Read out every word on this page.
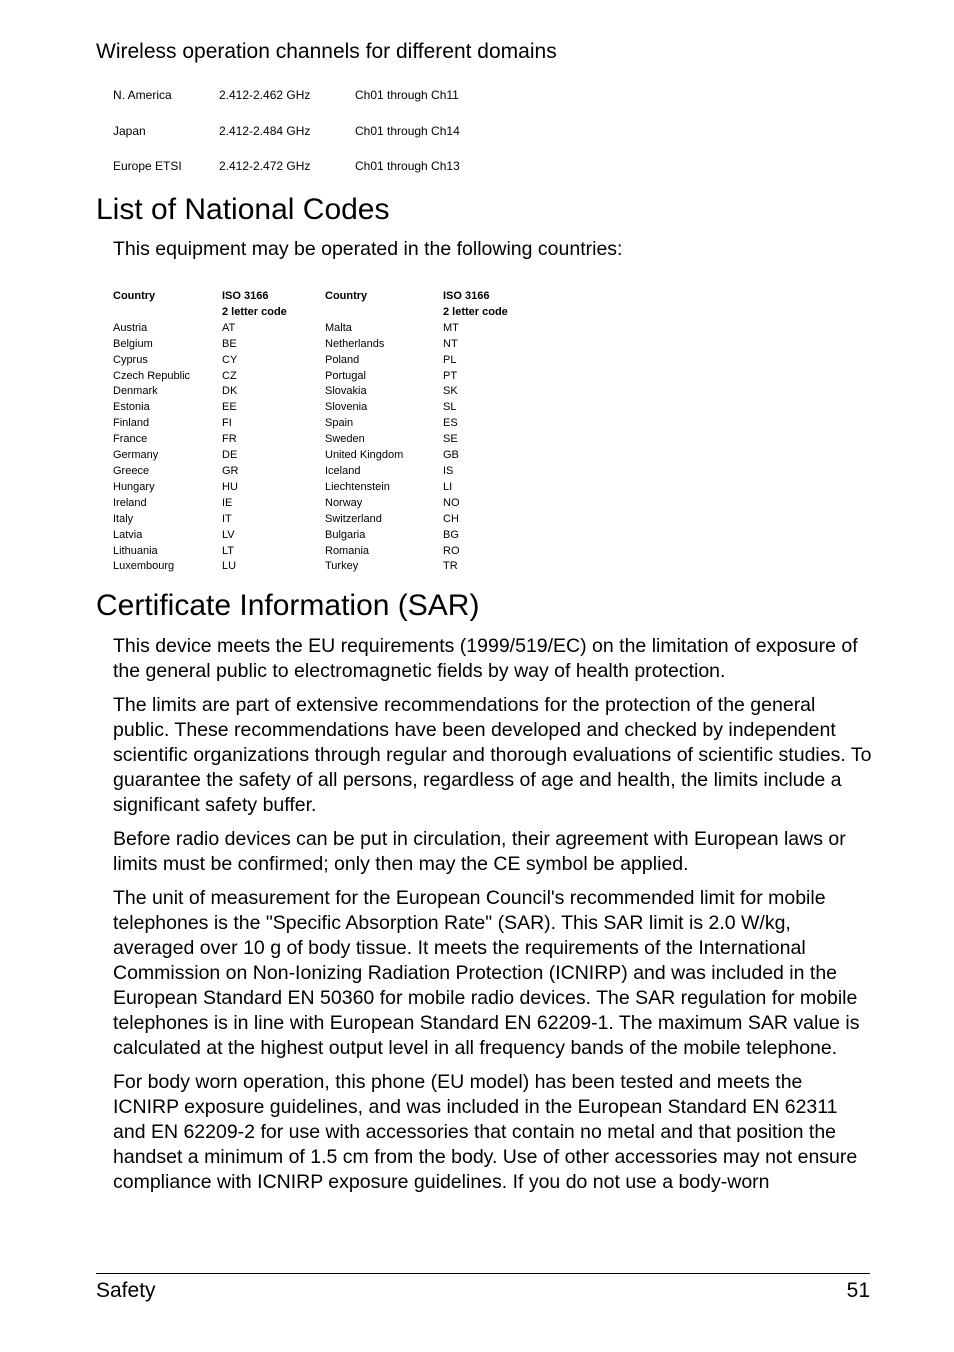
Wireless operation channels for different domains
N. America	2.412-2.462 GHz	Ch01 through Ch11
Japan	2.412-2.484 GHz	Ch01 through Ch14
Europe ETSI	2.412-2.472 GHz	Ch01 through Ch13
List of National Codes

This equipment may be operated in the following countries:

Country	ISO 3166	Country	ISO 3166
	2 letter code		2 letter code
Austria	AT	Malta	MT
Belgium	BE	Netherlands	NT
Cyprus	CY	Poland	PL
Czech Republic	CZ	Portugal	PT
Denmark	DK	Slovakia	SK
Estonia	EE	Slovenia	SL
Finland	FI	Spain	ES
France	FR	Sweden	SE
Germany	DE	United Kingdom	GB
Greece	GR	Iceland	IS
Hungary	HU	Liechtenstein	LI
Ireland	IE	Norway	NO
Italy	IT	Switzerland	CH
Latvia	LV	Bulgaria	BG
Lithuania	LT	Romania	RO
Luxembourg	LU	Turkey	TR
Certificate Information (SAR)

This device meets the EU requirements (1999/519/EC) on the limitation of exposure of the general public to electromagnetic fields by way of health protection.

The limits are part of extensive recommendations for the protection of the general public. These recommendations have been developed and checked by independent scientific organizations through regular and thorough evaluations of scientific studies. To guarantee the safety of all persons, regardless of age and health, the limits include a significant safety buffer.

Before radio devices can be put in circulation, their agreement with European laws or limits must be confirmed; only then may the CE symbol be applied.

The unit of measurement for the European Council's recommended limit for mobile telephones is the "Specific Absorption Rate" (SAR). This SAR limit is 2.0 W/kg, averaged over 10 g of body tissue. It meets the requirements of the International Commission on Non-Ionizing Radiation Protection (ICNIRP) and was included in the European Standard EN 50360 for mobile radio devices. The SAR regulation for mobile telephones is in line with European Standard EN 62209-1. The maximum SAR value is calculated at the highest output level in all frequency bands of the mobile telephone.

For body worn operation, this phone (EU model) has been tested and meets the ICNIRP exposure guidelines, and was included in the European Standard EN 62311 and EN 62209-2 for use with accessories that contain no metal and that position the handset a minimum of 1.5 cm from the body. Use of other accessories may not ensure compliance with ICNIRP exposure guidelines. If you do not use a body-worn

Safety	51
